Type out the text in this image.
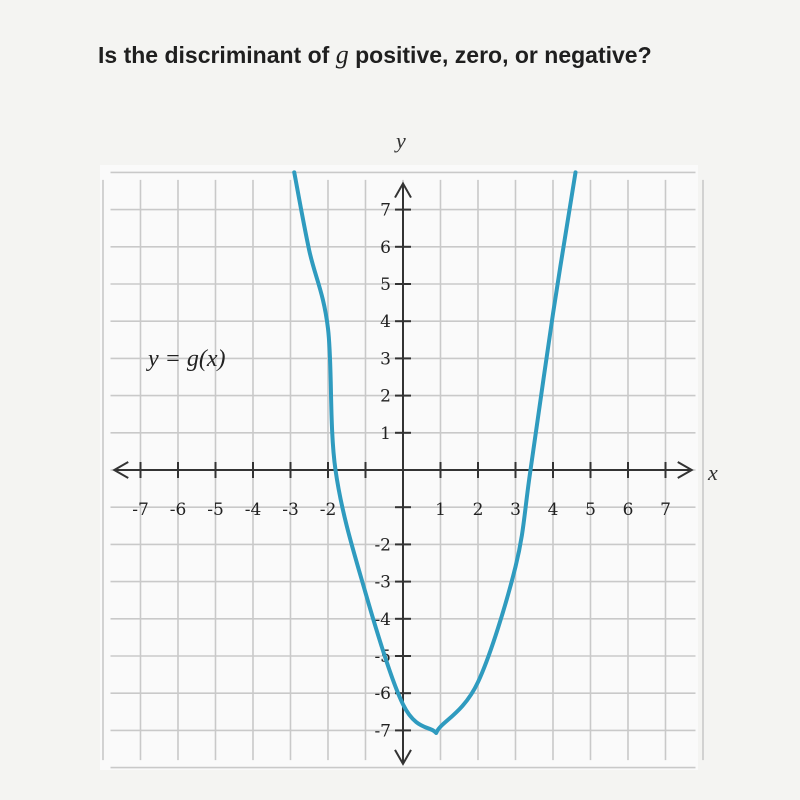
Is the discriminant of g positive, zero, or negative?
-7 -6 -5 -4 -3 -2	1 2 3 4 5 6 7
7
6
5
4
3
2
1
-2
-3
-4
-5
-6
-7
y = g(x)
x
y
